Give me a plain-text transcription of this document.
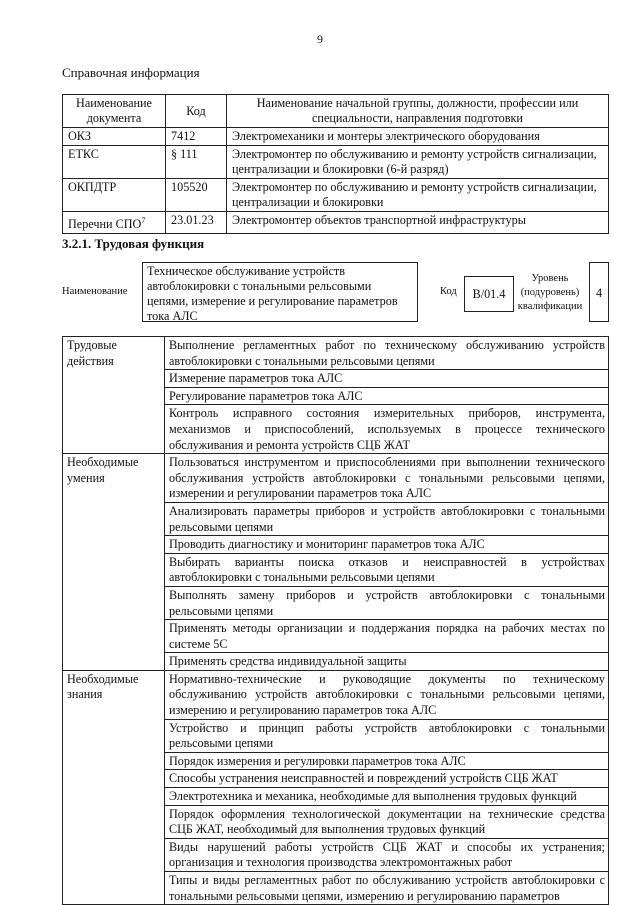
9
Справочная информация
Наименование документа	Код	Наименование начальной группы, должности, профессии или специальности, направления подготовки
ОКЗ	7412	Электромеханики и монтеры электрического оборудования
ЕТКС	§ 111	Электромонтер по обслуживанию и ремонту устройств сигнализации, централизации и блокировки (6-й разряд)
ОКПДТР	105520	Электромонтер по обслуживанию и ремонту устройств сигнализации, централизации и блокировки
Перечни СПО$^7$	23.01.23	Электромонтер объектов транспортной инфраструктуры
3.2.1. Трудовая функция
Наименование
Техническое обслуживание устройств автоблокировки с тональными рельсовыми цепями, измерение и регулирование параметров тока АЛС
Код	B/01.4
Уровень (подуровень) квалификации
4
Трудовые действия	Выполнение регламентных работ по техническому обслуживанию устройств автоблокировки с тональными рельсовыми цепями
	Измерение параметров тока АЛС
	Регулирование параметров тока АЛС
	Контроль исправного состояния измерительных приборов, инструмента, механизмов и приспособлений, используемых в процессе технического обслуживания и ремонта устройств СЦБ ЖАТ
Необходимые умения	Пользоваться инструментом и приспособлениями при выполнении технического обслуживания устройств автоблокировки с тональными рельсовыми цепями, измерении и регулировании параметров тока АЛС
	Анализировать параметры приборов и устройств автоблокировки с тональными рельсовыми цепями
	Проводить диагностику и мониторинг параметров тока АЛС
	Выбирать варианты поиска отказов и неисправностей в устройствах автоблокировки с тональными рельсовыми цепями
	Выполнять замену приборов и устройств автоблокировки с тональными рельсовыми цепями
	Применять методы организации и поддержания порядка на рабочих местах по системе 5С
	Применять средства индивидуальной защиты
Необходимые знания	Нормативно-технические и руководящие документы по техническому обслуживанию устройств автоблокировки с тональными рельсовыми цепями, измерению и регулированию параметров тока АЛС
	Устройство и принцип работы устройств автоблокировки с тональными рельсовыми цепями
	Порядок измерения и регулировки параметров тока АЛС
	Способы устранения неисправностей и повреждений устройств СЦБ ЖАТ
	Электротехника и механика, необходимые для выполнения трудовых функций
	Порядок оформления технологической документации на технические средства СЦБ ЖАТ, необходимый для выполнения трудовых функций
	Виды нарушений работы устройств СЦБ ЖАТ и способы их устранения; организация и технология производства электромонтажных работ
	Типы и виды регламентных работ по обслуживанию устройств автоблокировки с тональными рельсовыми цепями, измерению и регулированию параметров
